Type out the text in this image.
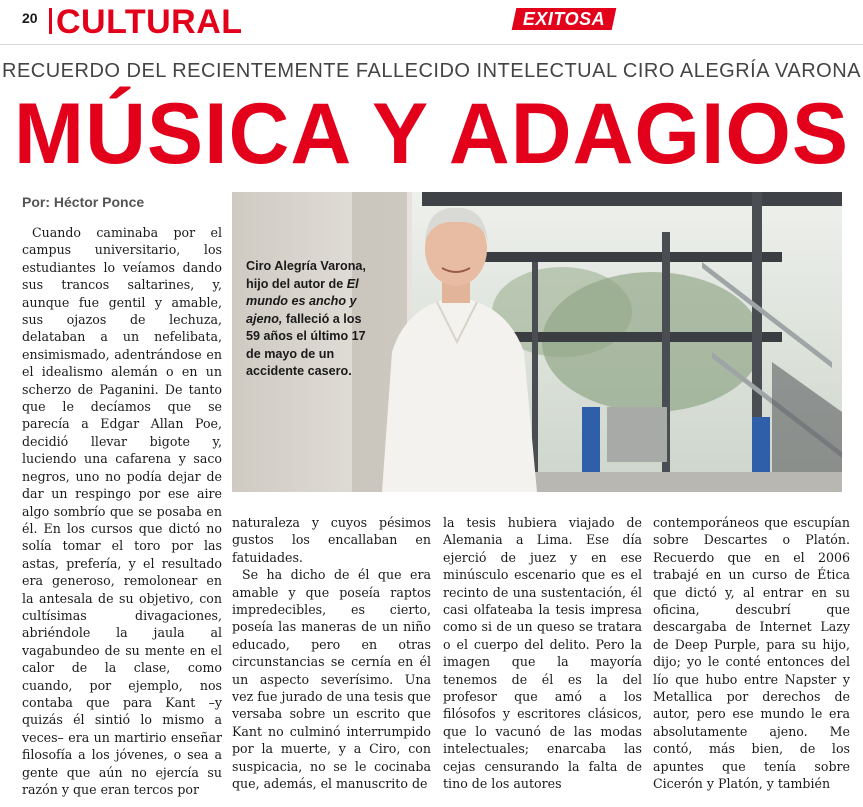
20 CULTURAL	EXITOSA
RECUERDO DEL RECIENTEMENTE FALLECIDO INTELECTUAL CIRO ALEGRÍA VARONA
MÚSICA Y ADAGIOS
Por: Héctor Ponce
Ciro Alegría Varona, hijo del autor de El mundo es ancho y ajeno, falleció a los 59 años el último 17 de mayo de un accidente casero.

Cuando caminaba por el campus universitario, los estudiantes lo veíamos dando sus trancos saltarines, y, aunque fue gentil y amable, sus ojazos de lechuza, delataban a un nefelibata, ensimismado, adentrándose en el idealismo alemán o en un scherzo de Paganini. De tanto que le decíamos que se parecía a Edgar Allan Poe, decidió llevar bigote y, luciendo una cafarena y saco negros, uno no podía dejar de dar un respingo por ese aire algo sombrío que se posaba en él. En los cursos que dictó no solía tomar el toro por las astas, prefería, y el resultado era generoso, remolonear en la antesala de su objetivo, con cultísimas divagaciones, abriéndole la jaula al vagabundeo de su mente en el calor de la clase, como cuando, por ejemplo, nos contaba que para Kant –y quizás él sintió lo mismo a veces– era un martirio enseñar filosofía a los jóvenes, o sea a gente que aún no ejercía su razón y que eran tercos por

naturaleza y cuyos pésimos gustos los encallaban en fatuidades.

Se ha dicho de él que era amable y que poseía raptos impredecibles, es cierto, poseía las maneras de un niño educado, pero en otras circunstancias se cernía en él un aspecto severísimo. Una vez fue jurado de una tesis que versaba sobre un escrito que Kant no culminó interrumpido por la muerte, y a Ciro, con suspicacia, no se le cocinaba que, además, el manuscrito de

la tesis hubiera viajado de Alemania a Lima. Ese día ejerció de juez y en ese minúsculo escenario que es el recinto de una sustentación, él casi olfateaba la tesis impresa como si de un queso se tratara o el cuerpo del delito. Pero la imagen que la mayoría tenemos de él es la del profesor que amó a los filósofos y escritores clásicos, que lo vacunó de las modas intelectuales; enarcaba las cejas censurando la falta de tino de los autores

contemporáneos que escupían sobre Descartes o Platón. Recuerdo que en el 2006 trabajé en un curso de Ética que dictó y, al entrar en su oficina, descubrí que descargaba de Internet Lazy de Deep Purple, para su hijo, dijo; yo le conté entonces del lío que hubo entre Napster y Metallica por derechos de autor, pero ese mundo le era absolutamente ajeno. Me contó, más bien, de los apuntes que tenía sobre Cicerón y Platón, y también
